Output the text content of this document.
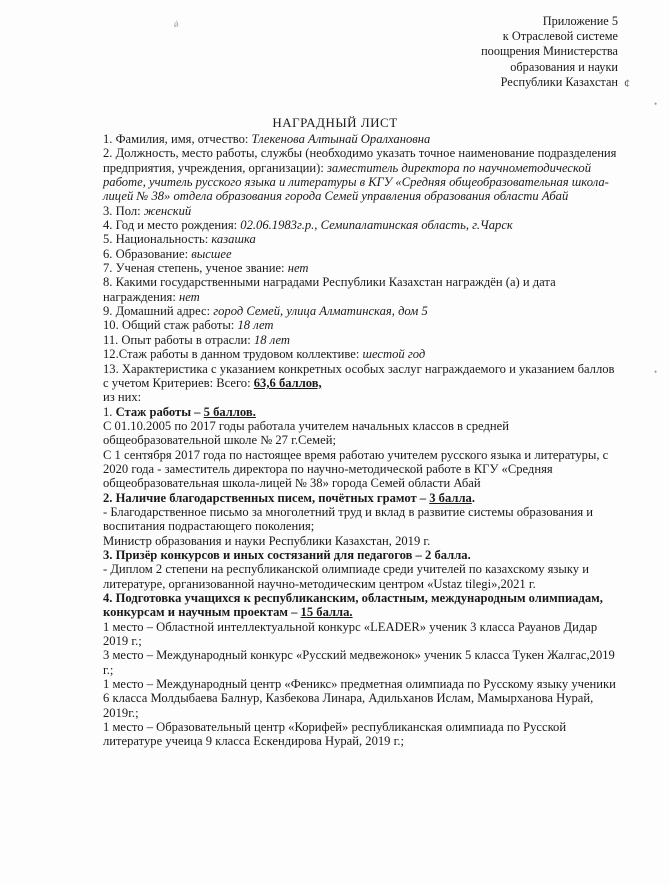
Приложение 5
к Отраслевой системе
поощрения Министерства
образования и науки
Республики Казахстан ¢
ǿ
•
•
НАГРАДНЫЙ ЛИСТ

1. Фамилия, имя, отчество: Тлекенова Алтынай Оралхановна

2. Должность, место работы, службы (необходимо указать точное наименование подразделения предприятия, учреждения, организации): заместитель директора по научнометодической работе, учитель русского языка и литературы в КГУ «Средняя общеобразовательная школа-лицей № 38» отдела образования города Семей управления образования области Абай

3. Пол: женский

4. Год и место рождения: 02.06.1983г.р., Семипалатинская область, г.Чарск

5. Национальность: казашка

6. Образование: высшее

7. Ученая степень, ученое звание: нет

8. Какими государственными наградами Республики Казахстан награждён (а) и дата награждения: нет

9. Домашний адрес: город Семей, улица Алматинская, дом 5

10. Общий стаж работы: 18 лет

11. Опыт работы в отрасли: 18 лет

12.Стаж работы в данном трудовом коллективе: шестой год

13. Характеристика с указанием конкретных особых заслуг награждаемого и указанием баллов с учетом Критериев: Всего: 63,6 баллов,

из них:

1. Стаж работы – 5 баллов.

С 01.10.2005 по 2017 годы работала учителем начальных классов в средней общеобразовательной школе № 27 г.Семей;

С 1 сентября 2017 года по настоящее время работаю учителем русского языка и литературы, с 2020 года - заместитель директора по научно-методической работе в КГУ «Средняя общеобразовательная школа-лицей № 38» города Семей области Абай

2. Наличие благодарственных писем, почётных грамот – 3 балла.

- Благодарственное письмо за многолетний труд и вклад в развитие системы образования и воспитания подрастающего поколения;

Министр образования и науки Республики Казахстан, 2019 г.

3. Призёр конкурсов и иных состязаний для педагогов – 2 балла.

- Диплом 2 степени на республиканской олимпиаде среди учителей по казахскому языку и литературе, организованной научно-методическим центром «Ustaz tilegi»,2021 г.

4. Подготовка учащихся к республиканским, областным, международным олимпиадам, конкурсам и научным проектам – 15 балла.

1 место – Областной интеллектуальной конкурс «LEADER» ученик 3 класса Рауанов Дидар

2019 г.;

3 место – Международный конкурс «Русский медвежонок» ученик 5 класса Тукен Жалгас,2019 г.;

1 место – Международный центр «Феникс» предметная олимпиада по Русскому языку ученики 6 класса Молдыбаева Балнур, Казбекова Линара, Адильханов Ислам, Мамырханова Нурай, 2019г.;

1 место – Образовательный центр «Корифей» республиканская олимпиада по Русской литературе учеица 9 класса Ескендирова Нурай, 2019 г.;
